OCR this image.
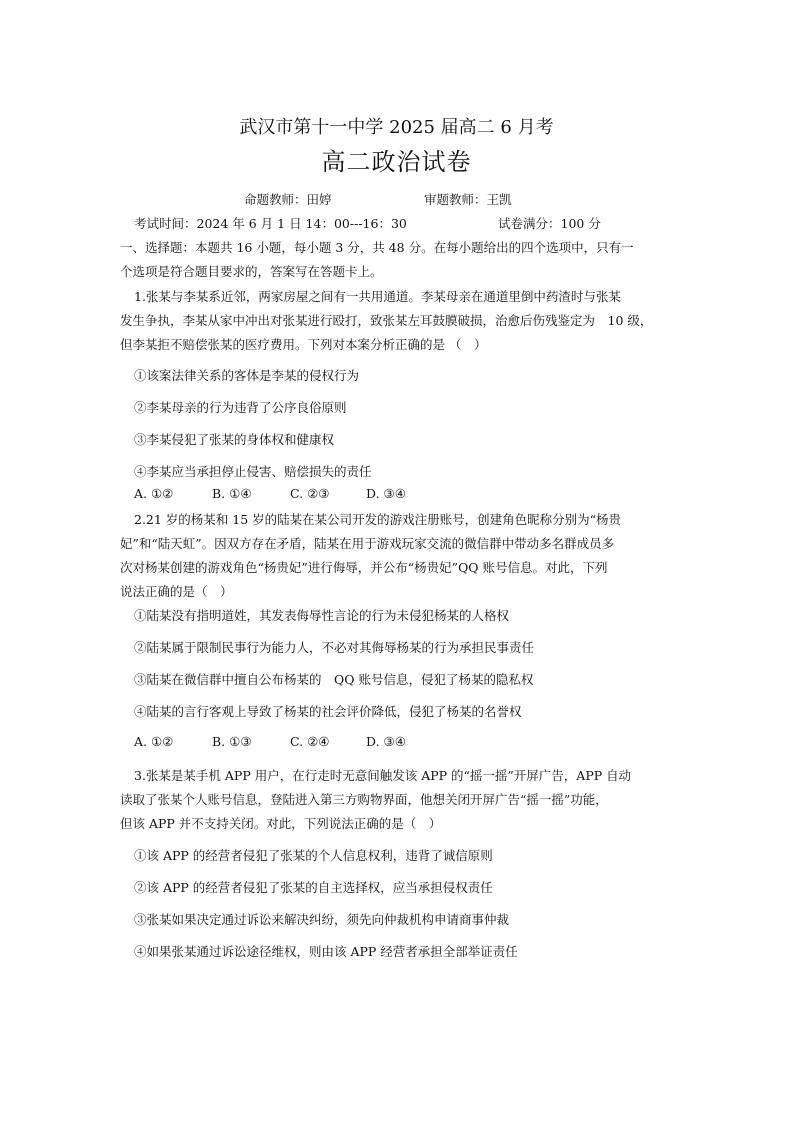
武汉市第十一中学 2025 届高二 6 月考
高二政治试卷
命题教师：田婷	审题教师：王凯
考试时间：2024 年 6 月 1 日 14：00---16：30	试卷满分：100 分
一、选择题：本题共 16 小题，每小题 3 分，共 48 分。在每小题给出的四个选项中，只有一
个选项是符合题目要求的，答案写在答题卡上。
1.张某与李某系近邻，两家房屋之间有一共用通道。李某母亲在通道里倒中药渣时与张某
发生争执，李某从家中冲出对张某进行殴打，致张某左耳鼓膜破损，治愈后伤残鉴定为　10 级，
但李某拒不赔偿张某的医疗费用。下列对本案分析正确的是 （　）
①该案法律关系的客体是李某的侵权行为
②李某母亲的行为违背了公序良俗原则
③李某侵犯了张某的身体权和健康权
④李某应当承担停止侵害、赔偿损失的责任
A. ①②	B. ①④	C. ②③	D. ③④
2.21 岁的杨某和 15 岁的陆某在某公司开发的游戏注册账号，创建角色昵称分别为“杨贵
妃”和“陆天虹”。因双方存在矛盾，陆某在用于游戏玩家交流的微信群中带动多名群成员多
次对杨某创建的游戏角色“杨贵妃”进行侮辱，并公布“杨贵妃”QQ 账号信息。对此，下列
说法正确的是（　）
①陆某没有指明道姓，其发表侮辱性言论的行为未侵犯杨某的人格权
②陆某属于限制民事行为能力人，不必对其侮辱杨某的行为承担民事责任
③陆某在微信群中擅自公布杨某的　QQ 账号信息，侵犯了杨某的隐私权
④陆某的言行客观上导致了杨某的社会评价降低，侵犯了杨某的名誉权
A. ①②	B. ①③	C. ②④	D. ③④
3.张某是某手机 APP 用户，在行走时无意间触发该 APP 的“摇一摇”开屏广告，APP 自动
读取了张某个人账号信息，登陆进入第三方购物界面，他想关闭开屏广告“摇一摇”功能，
但该 APP 并不支持关闭。对此，下列说法正确的是（　）
①该 APP 的经营者侵犯了张某的个人信息权利，违背了诚信原则
②该 APP 的经营者侵犯了张某的自主选择权，应当承担侵权责任
③张某如果决定通过诉讼来解决纠纷，须先向仲裁机构申请商事仲裁
④如果张某通过诉讼途径维权，则由该 APP 经营者承担全部举证责任
